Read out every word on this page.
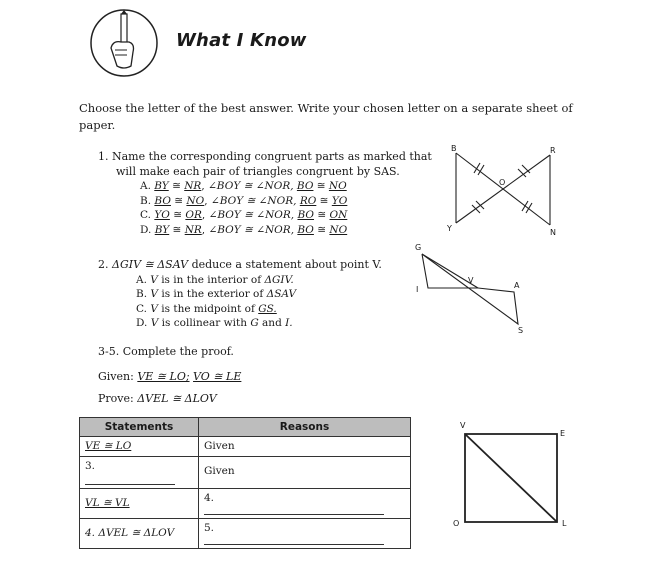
What I Know
Choose the letter of the best answer. Write your chosen letter on a separate sheet of paper.
1. Name the corresponding congruent parts as marked that will make each pair of triangles congruent by SAS.
A. BY ≅ NR, ∠BOY ≅ ∠NOR, BO ≅ NO
B. BO ≅ NO, ∠BOY ≅ ∠NOR, RO ≅ YO
C. YO ≅ OR, ∠BOY ≅ ∠NOR, BO ≅ ON
D. BY ≅ NR, ∠BOY ≅ ∠NOR, BO ≅ NO
B	R
O
Y	N
2. ΔGIV ≅ ΔSAV deduce a statement about point V.
A. V is in the interior of ΔGIV.
B. V is in the exterior of ΔSAV
C. V is the midpoint of GS.
D. V is collinear with G and I.
G
I
V
A
S
3-5. Complete the proof.
Given: VE ≅ LO; VO ≅ LE
Prove: ΔVEL ≅ ΔLOV
Statements	Reasons
VE ≅ LO	Given
3.	Given
VL ≅ VL	4.

4. ΔVEL ≅ ΔLOV	5.
V
E
O	L
